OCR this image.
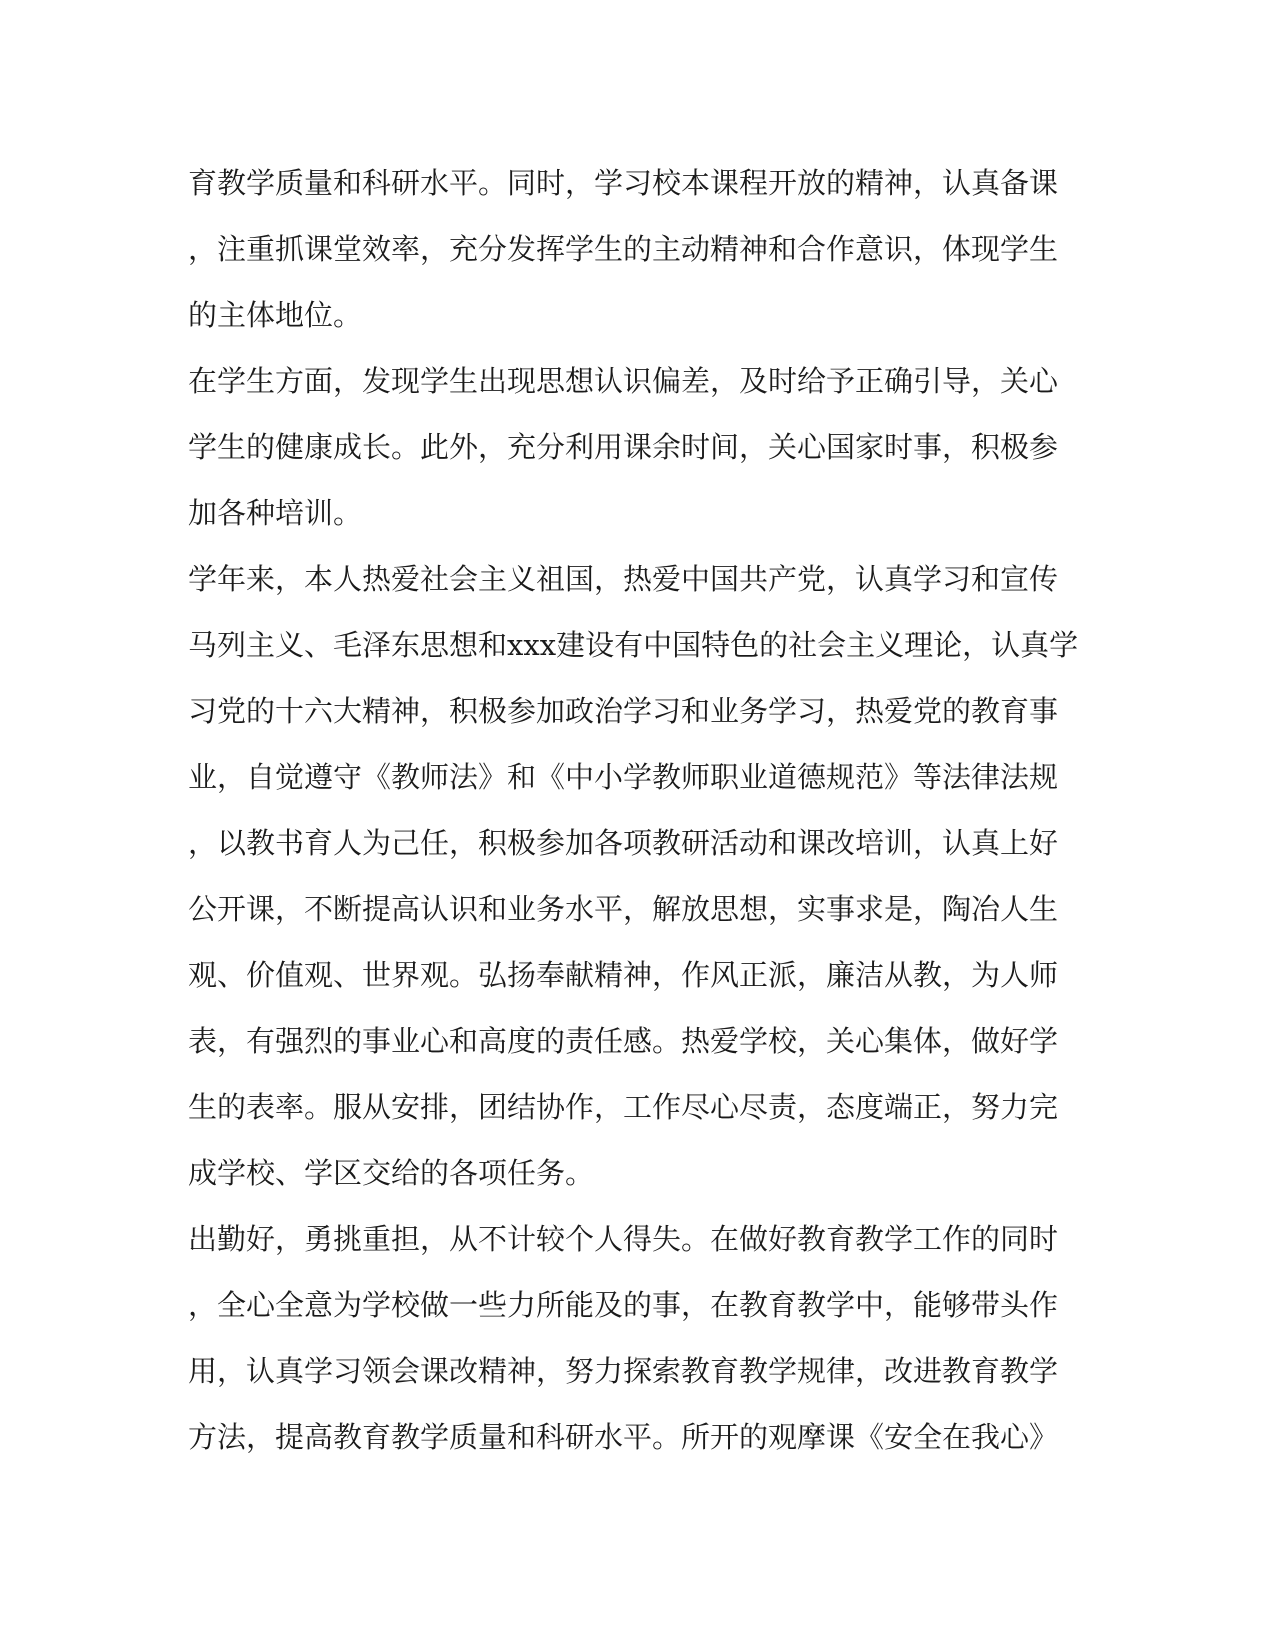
育教学质量和科研水平。同时，学习校本课程开放的精神，认真备课
，注重抓课堂效率，充分发挥学生的主动精神和合作意识，体现学生
的主体地位。
在学生方面，发现学生出现思想认识偏差，及时给予正确引导，关心
学生的健康成长。此外，充分利用课余时间，关心国家时事，积极参
加各种培训。
学年来，本人热爱社会主义祖国，热爱中国共产党，认真学习和宣传
马列主义、毛泽东思想和xxx建设有中国特色的社会主义理论，认真学
习党的十六大精神，积极参加政治学习和业务学习，热爱党的教育事
业，自觉遵守《教师法》和《中小学教师职业道德规范》等法律法规
，以教书育人为己任，积极参加各项教研活动和课改培训，认真上好
公开课，不断提高认识和业务水平，解放思想，实事求是，陶冶人生
观、价值观、世界观。弘扬奉献精神，作风正派，廉洁从教，为人师
表，有强烈的事业心和高度的责任感。热爱学校，关心集体，做好学
生的表率。服从安排，团结协作，工作尽心尽责，态度端正，努力完
成学校、学区交给的各项任务。
出勤好，勇挑重担，从不计较个人得失。在做好教育教学工作的同时
，全心全意为学校做一些力所能及的事，在教育教学中，能够带头作
用，认真学习领会课改精神，努力探索教育教学规律，改进教育教学
方法，提高教育教学质量和科研水平。所开的观摩课《安全在我心》
